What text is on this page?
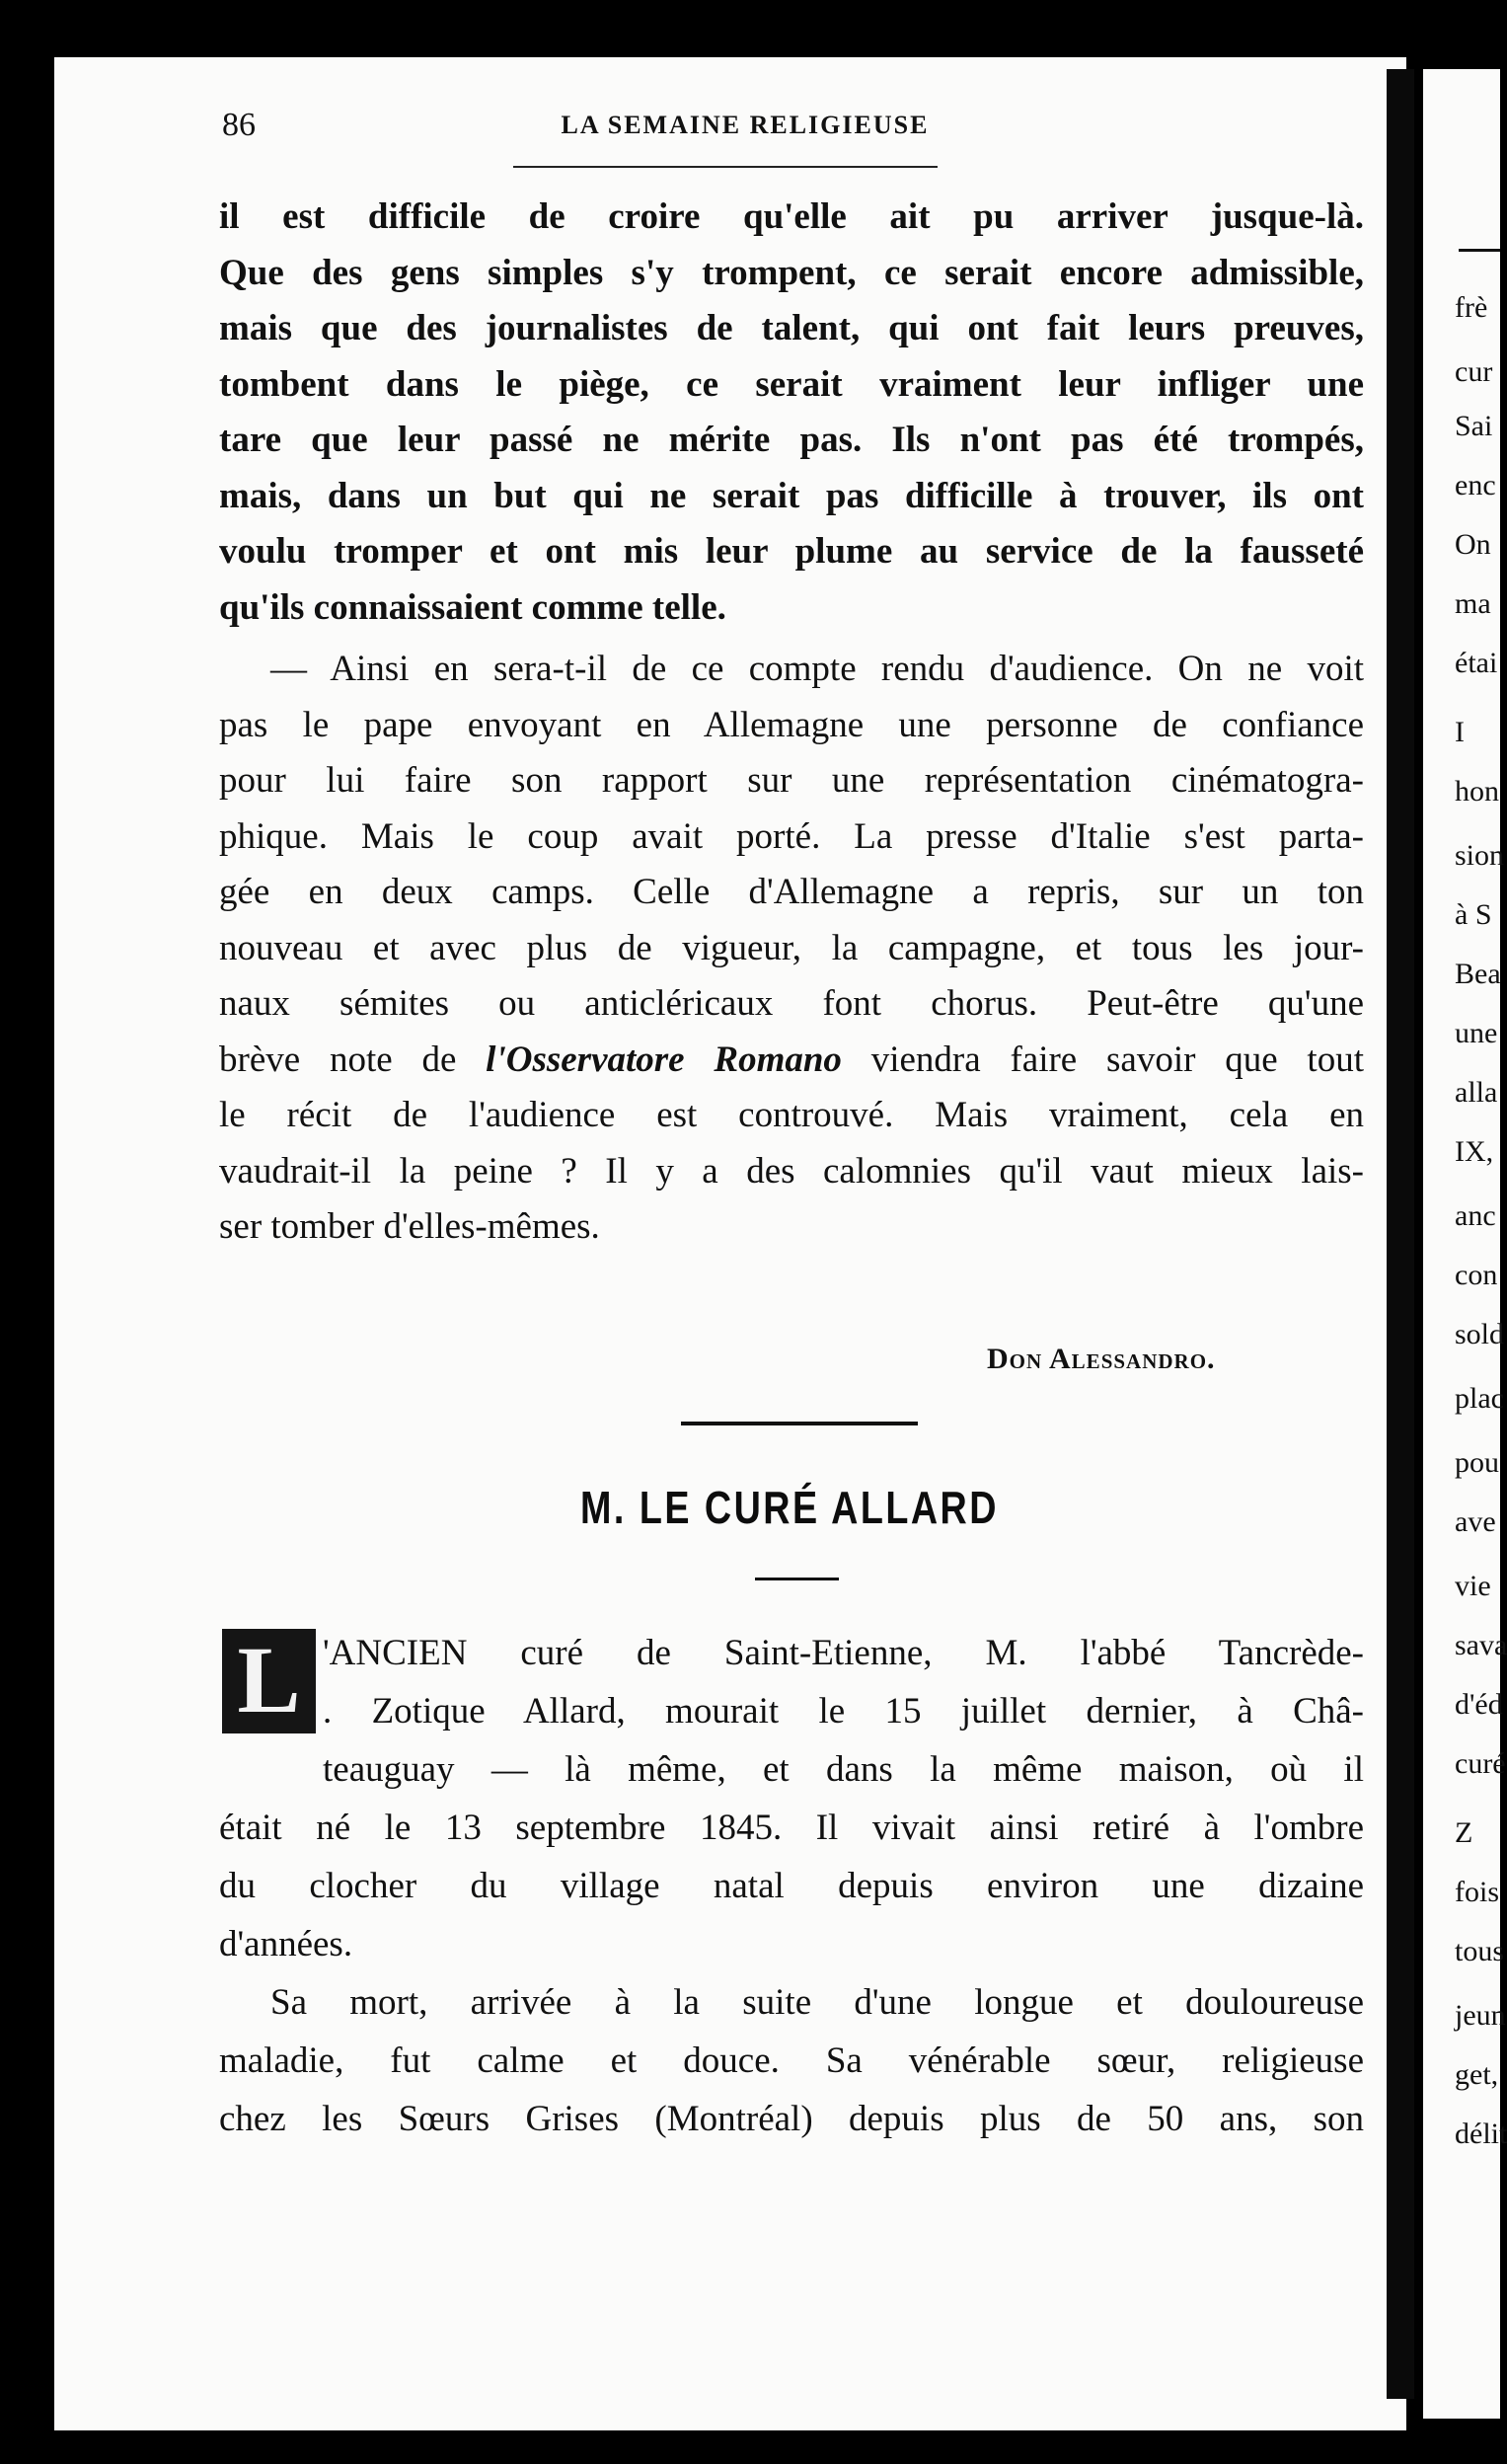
frè
cur
Sai
enc
On
ma
étai
I
hon
sion
à S
Bea
une
alla
IX,
anc
con
sold
plac
pou
ave
vie
sava
d'éd
curé
Z
fois
tous
jeun
get,
délit
86	LA SEMAINE RELIGIEUSE
il est difficile de croire qu'elle ait pu arriver jusque-là.
Que des gens simples s'y trompent, ce serait encore admissible,
mais que des journalistes de talent, qui ont fait leurs preuves,
tombent dans le piège, ce serait vraiment leur infliger une
tare que leur passé ne mérite pas. Ils n'ont pas été trompés,
mais, dans un but qui ne serait pas difficille à trouver, ils ont
voulu tromper et ont mis leur plume au service de la fausseté
qu'ils connaissaient comme telle.
— Ainsi en sera-t-il de ce compte rendu d'audience. On ne voit
pas le pape envoyant en Allemagne une personne de confiance
pour lui faire son rapport sur une représentation cinématogra-
phique. Mais le coup avait porté. La presse d'Italie s'est parta-
gée en deux camps. Celle d'Allemagne a repris, sur un ton
nouveau et avec plus de vigueur, la campagne, et tous les jour-
naux sémites ou anticléricaux font chorus. Peut-être qu'une
brève note de l'Osservatore Romano viendra faire savoir que tout
le récit de l'audience est controuvé. Mais vraiment, cela en
vaudrait-il la peine ? Il y a des calomnies qu'il vaut mieux lais-
ser tomber d'elles-mêmes.
Don Alessandro.
M. LE CURÉ ALLARD
L 'ANCIEN curé de Saint-Etienne, M. l'abbé Tancrède-
. Zotique Allard, mourait le 15 juillet dernier, à Châ-
teauguay — là même, et dans la même maison, où il
était né le 13 septembre 1845. Il vivait ainsi retiré à l'ombre
du clocher du village natal depuis environ une dizaine
d'années.
Sa mort, arrivée à la suite d'une longue et douloureuse
maladie, fut calme et douce. Sa vénérable sœur, religieuse
chez les Sœurs Grises (Montréal) depuis plus de 50 ans, son
